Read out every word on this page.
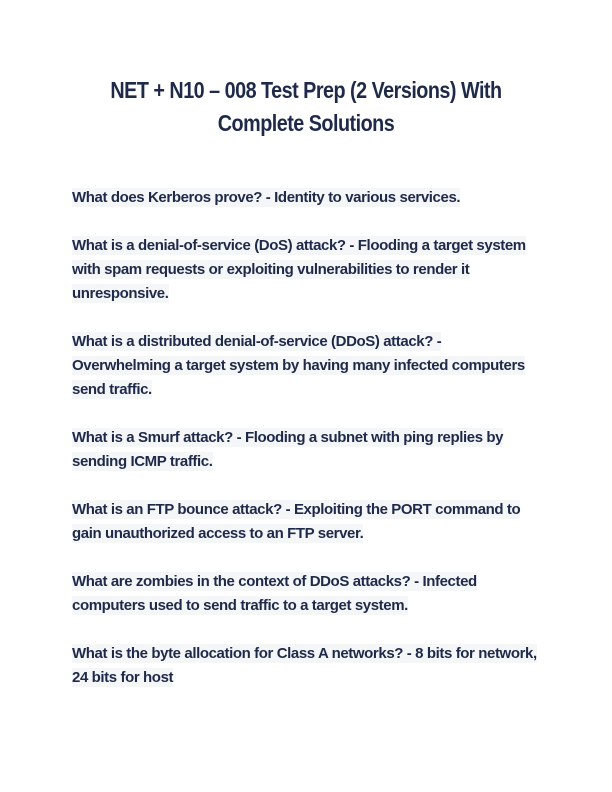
NET + N10 – 008 Test Prep (2 Versions) With
Complete Solutions
What does Kerberos prove? - Identity to various services.
What is a denial-of-service (DoS) attack? - Flooding a target system with spam requests or exploiting vulnerabilities to render it unresponsive.
What is a distributed denial-of-service (DDoS) attack? - Overwhelming a target system by having many infected computers send traffic.
What is a Smurf attack? - Flooding a subnet with ping replies by sending ICMP traffic.
What is an FTP bounce attack? - Exploiting the PORT command to gain unauthorized access to an FTP server.
What are zombies in the context of DDoS attacks? - Infected computers used to send traffic to a target system.
What is the byte allocation for Class A networks? - 8 bits for network, 24 bits for host
